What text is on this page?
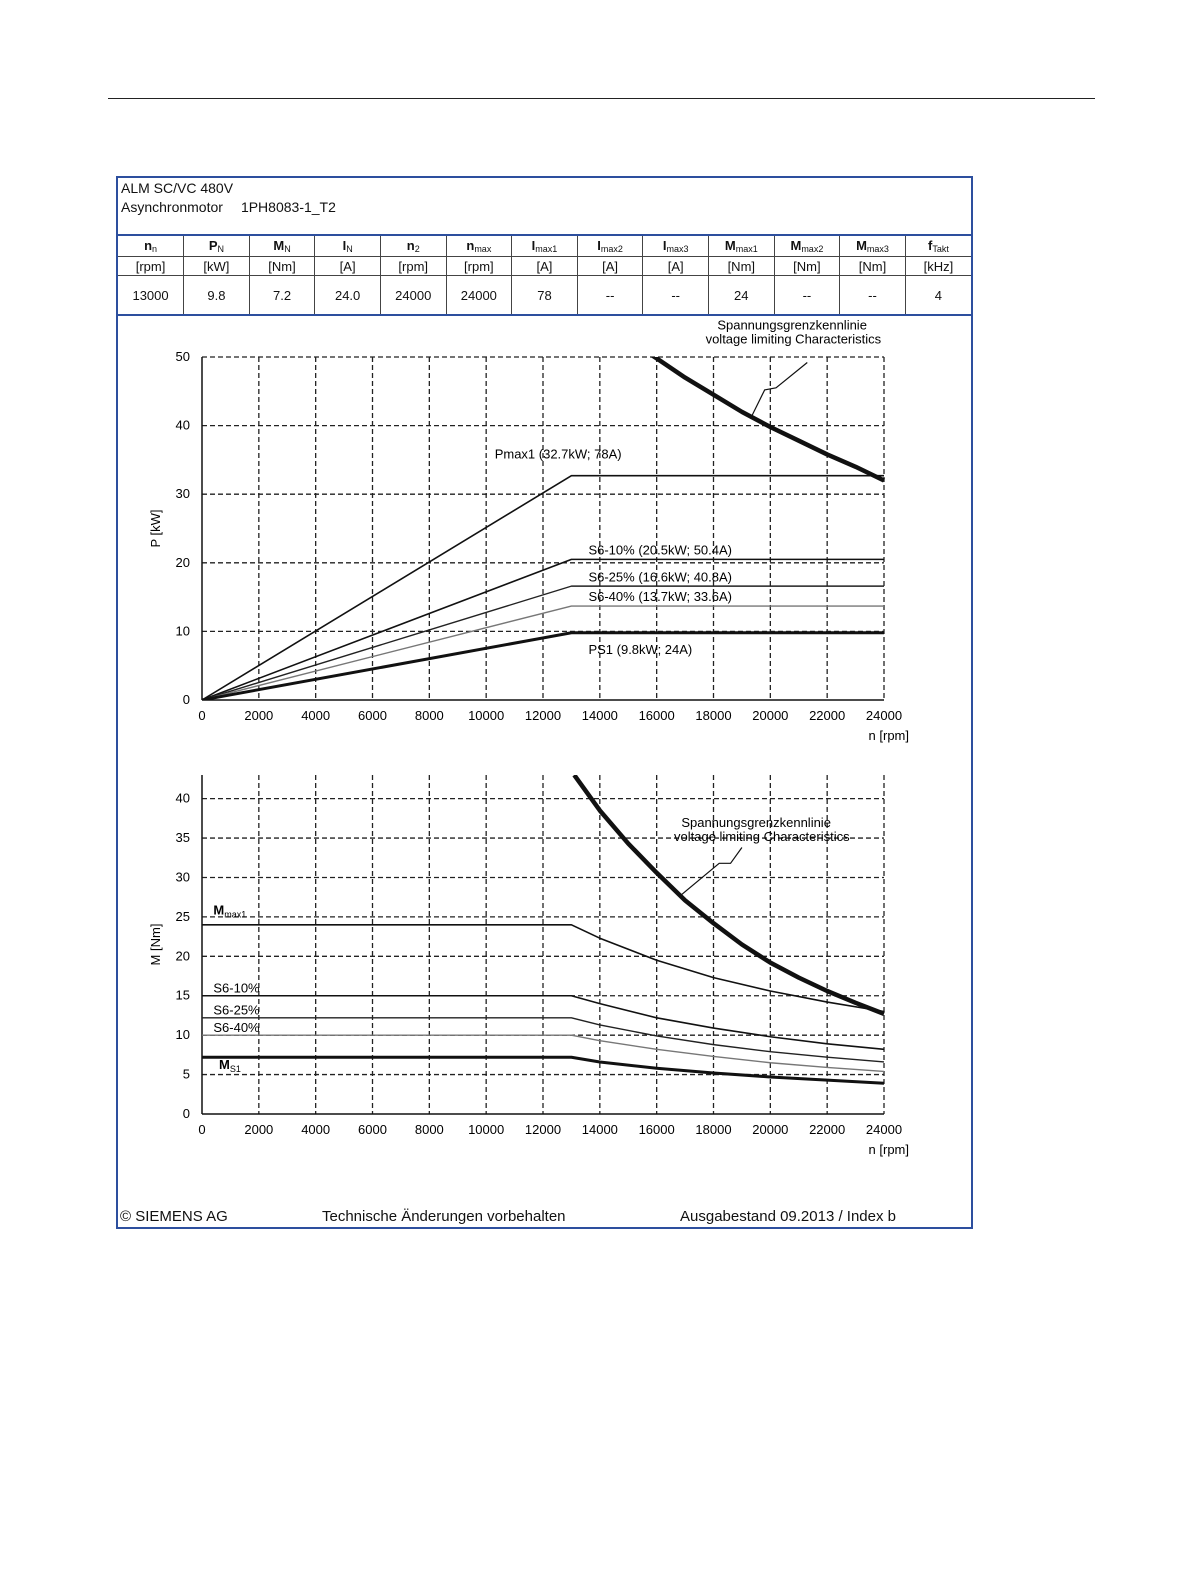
ALM SC/VC 480V
Asynchronmotor 1PH8083-1_T2
$n_n$	$P_N$	$M_N$	$I_N$	$n_2$	$n_{max}$	$I_{max1}$	$I_{max2}$	$I_{max3}$	$M_{max1}$	$M_{max2}$	$M_{max3}$	$f_{Takt}$
[rpm]	[kW]	[Nm]	[A]	[rpm]	[rpm]	[A]	[A]	[A]	[Nm]	[Nm]	[Nm]	[kHz]
13000	9.8	7.2	24.0	24000	24000	78	--	--	24	--	--	4
0	2000 4000 6000 8000 10000 12000 14000 16000 18000 20000 22000 24000
0
10
20
30
40
50
n [rpm]
P [kW]
Pmax1 (32.7kW; 78A)
S6-10% (20.5kW; 50.4A)
S6-25% (16.6kW; 40.8A)
S6-40% (13.7kW; 33.6A)
PS1 (9.8kW; 24A)
Spannungsgrenzkennlinie
voltage limiting Characteristics
0	2000 4000 6000 8000 10000 12000 14000 16000 18000 20000 22000 24000
0
5
10
15
20
25
30
35
40
n [rpm]
M [Nm]
$M_{max1}$
S6-10%
S6-25%
S6-40%
$M_{S1}$
Spannungsgrenzkennlinie
voltage limiting Characteristics
© SIEMENS AG	Technische Änderungen vorbehalten	Ausgabestand 09.2013 / Index b
